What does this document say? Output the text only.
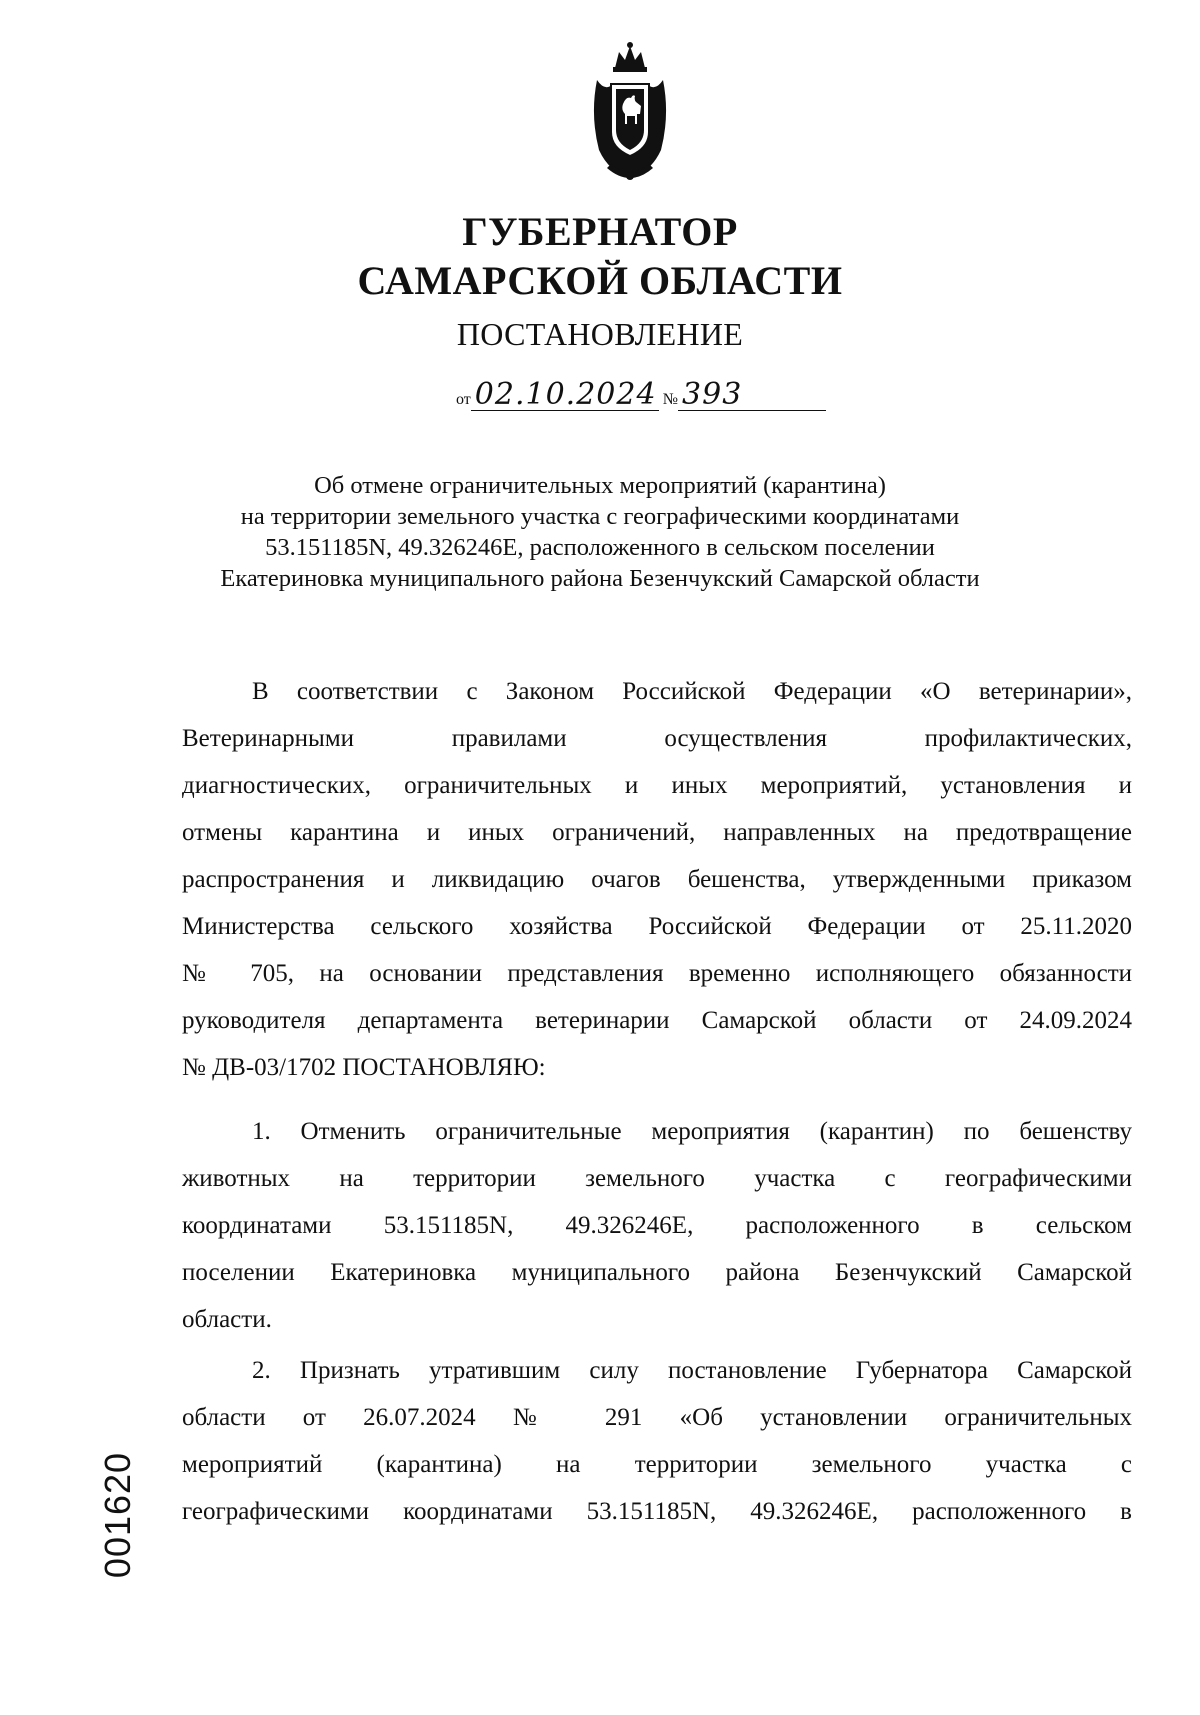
ГУБЕРНАТОР
САМАРСКОЙ ОБЛАСТИ
ПОСТАНОВЛЕНИЕ
от 02.10.2024 № 393
Об отмене ограничительных мероприятий (карантина)
на территории земельного участка с географическими координатами
53.151185N, 49.326246E, расположенного в сельском поселении
Екатериновка муниципального района Безенчукский Самарской области
В соответствии с Законом Российской Федерации «О ветеринарии»,
Ветеринарными правилами осуществления профилактических,
диагностических, ограничительных и иных мероприятий, установления и
отмены карантина и иных ограничений, направленных на предотвращение
распространения и ликвидацию очагов бешенства, утвержденными приказом
Министерства сельского хозяйства Российской Федерации от 25.11.2020
№ 705, на основании представления временно исполняющего обязанности
руководителя департамента ветеринарии Самарской области от 24.09.2024
№ ДВ-03/1702 ПОСТАНОВЛЯЮ:
1. Отменить ограничительные мероприятия (карантин) по бешенству
животных на территории земельного участка с географическими
координатами 53.151185N, 49.326246E, расположенного в сельском
поселении Екатериновка муниципального района Безенчукский Самарской
области.
2. Признать утратившим силу постановление Губернатора Самарской
области от 26.07.2024 № 291 «Об установлении ограничительных
мероприятий (карантина) на территории земельного участка с
географическими координатами 53.151185N, 49.326246E, расположенного в
001620
